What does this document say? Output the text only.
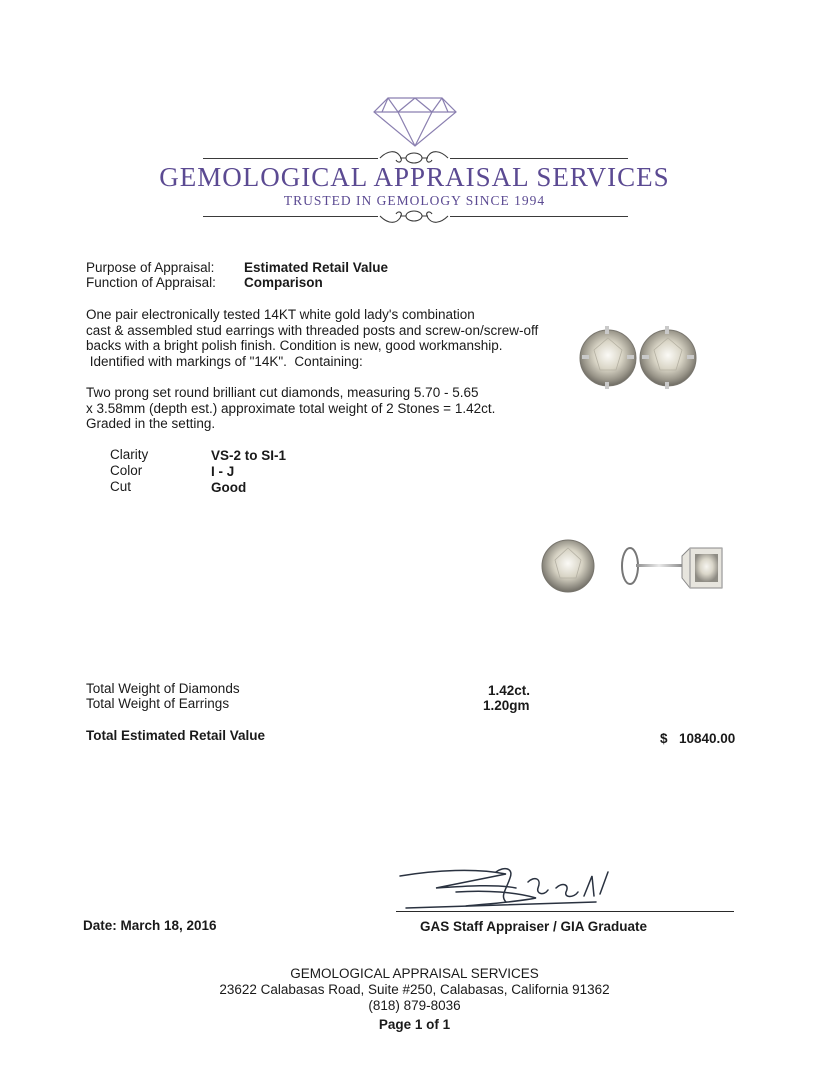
GEMOLOGICAL APPRAISAL SERVICES
TRUSTED IN GEMOLOGY SINCE 1994
Purpose of Appraisal: Estimated Retail Value
Function of Appraisal: Comparison
One pair electronically tested 14KT white gold lady's combination
cast & assembled stud earrings with threaded posts and screw-on/screw-off
backs with a bright polish finish. Condition is new, good workmanship.
Identified with markings of "14K".  Containing:
Two prong set round brilliant cut diamonds, measuring 5.70 - 5.65
x 3.58mm (depth est.) approximate total weight of 2 Stones = 1.42ct.
Graded in the setting.
Clarity	VS-2 to SI-1
Color	I - J
Cut	Good
Total Weight of Diamonds	1.42ct.
Total Weight of Earrings	1.20gm
Total Estimated Retail Value	$ 10840.00
Date: March 18, 2016	GAS Staff Appraiser / GIA Graduate
GEMOLOGICAL APPRAISAL SERVICES
23622 Calabasas Road, Suite #250, Calabasas, California 91362
(818) 879-8036
Page 1 of 1
